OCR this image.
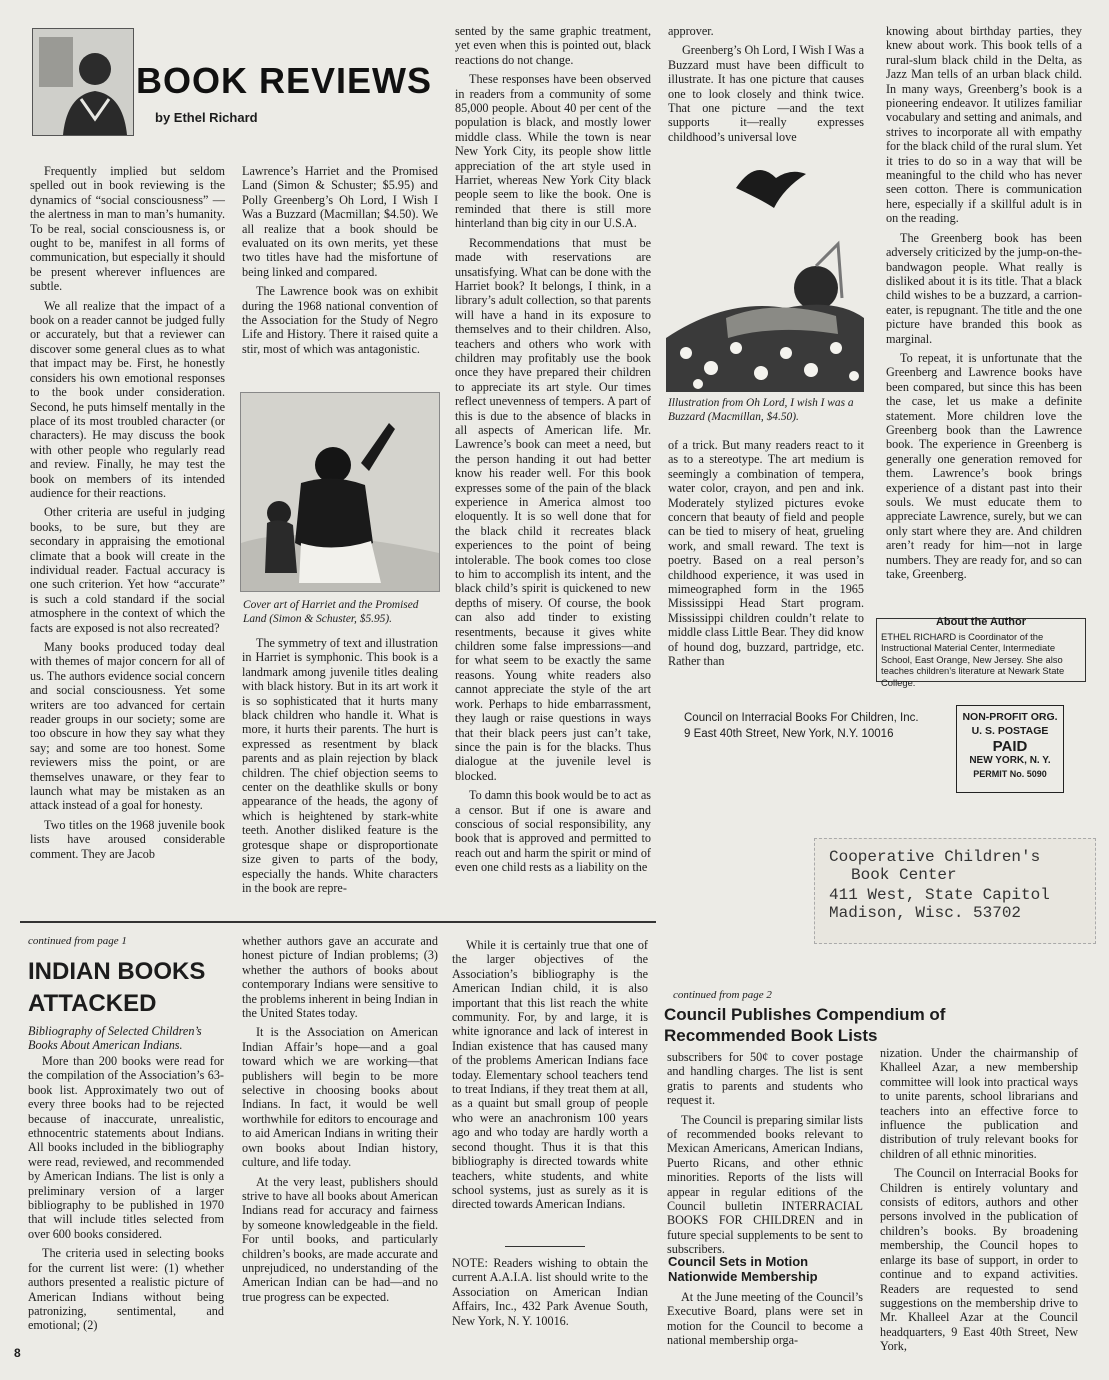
BOOK REVIEWS
by Ethel Richard

Frequently implied but seldom spelled out in book reviewing is the dynamics of “social consciousness” — the alertness in man to man’s humanity. To be real, social consciousness is, or ought to be, manifest in all forms of communication, but especially it should be present wherever influences are subtle.

We all realize that the impact of a book on a reader cannot be judged fully or accurately, but that a reviewer can discover some general clues as to what that impact may be. First, he honestly considers his own emotional responses to the book under consideration. Second, he puts himself mentally in the place of its most troubled character (or characters). He may discuss the book with other people who regularly read and review. Finally, he may test the book on members of its intended audience for their reactions.

Other criteria are useful in judging books, to be sure, but they are secondary in appraising the emotional climate that a book will create in the individual reader. Factual accuracy is one such criterion. Yet how “accurate” is such a cold standard if the social atmosphere in the context of which the facts are exposed is not also recreated?

Many books produced today deal with themes of major concern for all of us. The authors evidence social concern and social consciousness. Yet some writers are too advanced for certain reader groups in our society; some are too obscure in how they say what they say; and some are too honest. Some reviewers miss the point, or are themselves unaware, or they fear to launch what may be mistaken as an attack instead of a goal for honesty.

Two titles on the 1968 juvenile book lists have aroused considerable comment. They are Jacob

Lawrence’s Harriet and the Promised Land (Simon & Schuster; $5.95) and Polly Greenberg’s Oh Lord, I Wish I Was a Buzzard (Macmillan; $4.50). We all realize that a book should be evaluated on its own merits, yet these two titles have had the misfortune of being linked and compared.

The Lawrence book was on exhibit during the 1968 national convention of the Association for the Study of Negro Life and History. There it raised quite a stir, most of which was antagonistic.

Cover art of Harriet and the Promised Land (Simon & Schuster, $5.95).

The symmetry of text and illustration in Harriet is symphonic. This book is a landmark among juvenile titles dealing with black history. But in its art work it is so sophisticated that it hurts many black children who handle it. What is more, it hurts their parents. The hurt is expressed as resentment by black parents and as plain rejection by black children. The chief objection seems to center on the deathlike skulls or bony appearance of the heads, the agony of which is heightened by stark-white teeth. Another disliked feature is the grotesque shape or disproportionate size given to parts of the body, especially the hands. White characters in the book are repre-

sented by the same graphic treatment, yet even when this is pointed out, black reactions do not change.

These responses have been observed in readers from a community of some 85,000 people. About 40 per cent of the population is black, and mostly lower middle class. While the town is near New York City, its people show little appreciation of the art style used in Harriet, whereas New York City black people seem to like the book. One is reminded that there is still more hinterland than big city in our U.S.A.

Recommendations that must be made with reservations are unsatisfying. What can be done with the Harriet book? It belongs, I think, in a library’s adult collection, so that parents will have a hand in its exposure to themselves and to their children. Also, teachers and others who work with children may profitably use the book once they have prepared their children to appreciate its art style. Our times reflect unevenness of tempers. A part of this is due to the absence of blacks in all aspects of American life. Mr. Lawrence’s book can meet a need, but the person handing it out had better know his reader well. For this book expresses some of the pain of the black experience in America almost too eloquently. It is so well done that for the black child it recreates black experiences to the point of being intolerable. The book comes too close to him to accomplish its intent, and the black child’s spirit is quickened to new depths of misery. Of course, the book can also add tinder to existing resentments, because it gives white children some false impressions—and for what seem to be exactly the same reasons. Young white readers also cannot appreciate the style of the art work. Perhaps to hide embarrassment, they laugh or raise questions in ways that their black peers just can’t take, since the pain is for the blacks. Thus dialogue at the juvenile level is blocked.

To damn this book would be to act as a censor. But if one is aware and conscious of social responsibility, any book that is approved and permitted to reach out and harm the spirit or mind of even one child rests as a liability on the

approver.

Greenberg’s Oh Lord, I Wish I Was a Buzzard must have been difficult to illustrate. It has one picture that causes one to look closely and think twice. That one picture —and the text supports it—really expresses childhood’s universal love

Illustration from Oh Lord, I wish I was a Buzzard (Macmillan, $4.50).

of a trick. But many readers react to it as to a stereotype. The art medium is seemingly a combination of tempera, water color, crayon, and pen and ink. Moderately stylized pictures evoke concern that beauty of field and people can be tied to misery of heat, grueling work, and small reward. The text is poetry. Based on a real person’s childhood experience, it was used in mimeographed form in the 1965 Mississippi Head Start program. Mississippi children couldn’t relate to middle class Little Bear. They did know of hound dog, buzzard, partridge, etc. Rather than

knowing about birthday parties, they knew about work. This book tells of a rural-slum black child in the Delta, as Jazz Man tells of an urban black child. In many ways, Greenberg’s book is a pioneering endeavor. It utilizes familiar vocabulary and setting and animals, and strives to incorporate all with empathy for the black child of the rural slum. Yet it tries to do so in a way that will be meaningful to the child who has never seen cotton. There is communication here, especially if a skillful adult is in on the reading.

The Greenberg book has been adversely criticized by the jump-on-the-bandwagon people. What really is disliked about it is its title. That a black child wishes to be a buzzard, a carrion-eater, is repugnant. The title and the one picture have branded this book as marginal.

To repeat, it is unfortunate that the Greenberg and Lawrence books have been compared, but since this has been the case, let us make a definite statement. More children love the Greenberg book than the Lawrence book. The experience in Greenberg is generally one generation removed for them. Lawrence’s book brings experience of a distant past into their souls. We must educate them to appreciate Lawrence, surely, but we can only start where they are. And children aren’t ready for him—not in large numbers. They are ready for, and so can take, Greenberg.

About the Author
ETHEL RICHARD is Coordinator of the Instructional Material Center, Intermediate School, East Orange, New Jersey. She also teaches children’s literature at Newark State College.
Council on Interracial Books For Children, Inc.
9 East 40th Street, New York, N.Y. 10016
NON-PROFIT ORG.
U. S. POSTAGE
PAID
NEW YORK, N. Y.
PERMIT No. 5090
Cooperative Children's
Book Center
411 West, State Capitol
Madison, Wisc. 53702
continued from page 1
INDIAN BOOKS
ATTACKED
Bibliography of Selected Children’s Books About American Indians.

More than 200 books were read for the compilation of the Association’s 63-book list. Approximately two out of every three books had to be rejected because of inaccurate, unrealistic, ethnocentric statements about Indians. All books included in the bibliography were read, reviewed, and recommended by American Indians. The list is only a preliminary version of a larger bibliography to be published in 1970 that will include titles selected from over 600 books considered.

The criteria used in selecting books for the current list were: (1) whether authors presented a realistic picture of American Indians without being patronizing, sentimental, and emotional; (2)

whether authors gave an accurate and honest picture of Indian problems; (3) whether the authors of books about contemporary Indians were sensitive to the problems inherent in being Indian in the United States today.

It is the Association on American Indian Affair’s hope—and a goal toward which we are working—that publishers will begin to be more selective in choosing books about Indians. In fact, it would be well worthwhile for editors to encourage and to aid American Indians in writing their own books about Indian history, culture, and life today.

At the very least, publishers should strive to have all books about American Indians read for accuracy and fairness by someone knowledgeable in the field. For until books, and particularly children’s books, are made accurate and unprejudiced, no understanding of the American Indian can be had—and no true progress can be expected.

While it is certainly true that one of the larger objectives of the Association’s bibliography is the American Indian child, it is also important that this list reach the white community. For, by and large, it is white ignorance and lack of interest in Indian existence that has caused many of the problems American Indians face today. Elementary school teachers tend to treat Indians, if they treat them at all, as a quaint but small group of people who were an anachronism 100 years ago and who today are hardly worth a second thought. Thus it is that this bibliography is directed towards white teachers, white students, and white school systems, just as surely as it is directed towards American Indians.

NOTE: Readers wishing to obtain the current A.A.I.A. list should write to the Association on American Indian Affairs, Inc., 432 Park Avenue South, New York, N. Y. 10016.

continued from page 2
Council Publishes Compendium of Recommended Book Lists

subscribers for 50¢ to cover postage and handling charges. The list is sent gratis to parents and students who request it.

The Council is preparing similar lists of recommended books relevant to Mexican Americans, American Indians, Puerto Ricans, and other ethnic minorities. Reports of the lists will appear in regular editions of the Council bulletin INTERRACIAL BOOKS FOR CHILDREN and in future special supplements to be sent to subscribers.

Council Sets in Motion Nationwide Membership

At the June meeting of the Council’s Executive Board, plans were set in motion for the Council to become a national membership orga-

nization. Under the chairmanship of Khalleel Azar, a new membership committee will look into practical ways to unite parents, school librarians and teachers into an effective force to influence the publication and distribution of truly relevant books for children of all ethnic minorities.

The Council on Interracial Books for Children is entirely voluntary and consists of editors, authors and other persons involved in the publication of children’s books. By broadening membership, the Council hopes to enlarge its base of support, in order to continue and to expand activities. Readers are requested to send suggestions on the membership drive to Mr. Khalleel Azar at the Council headquarters, 9 East 40th Street, New York,

8
